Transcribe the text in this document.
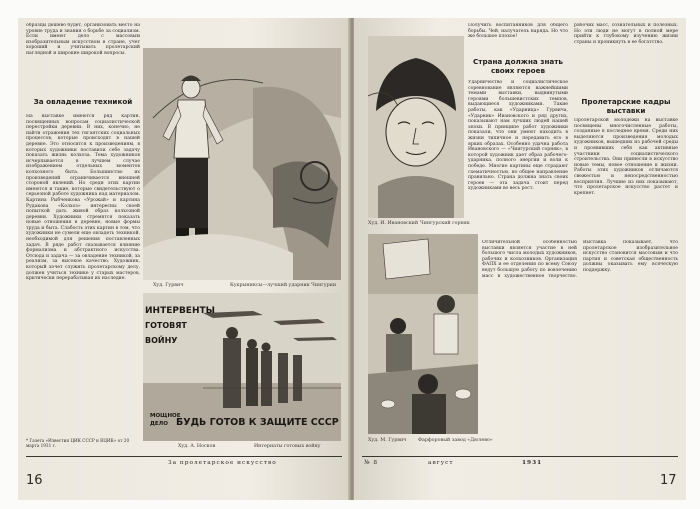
образцы дешево будет, организовать место на уровне труда и знания о борьбе за социализм. Если имеют дело с массовым изобразительным искусством в стране, учет хороший и учитывать пролетарский наглядной и широкие широкой вопросы.
За овладение техникой
На выставке имеются ряд картин, посвященных вопросам социалистической перестройки деревни. В них, конечно, не найти отражения тех гигантских социальных процессов, которые происходят в нашей деревне. Это относится к произведениям, в которых художники поставили себе задачу показать жизнь колхоза. Тема художников исчерпывается в лучшем случае изображением отдельных моментов колхозного быта. Большинство их произведений ограничивается внешней стороной явлений. Но среди этих картин имеются и такие, которые свидетельствуют о серьезной работе художника над материалом. Картина Рыбченкова «Урожай» и картина Рудакова «Колхоз» интересны своей попыткой дать живой образ колхозной деревни. Художники стремятся показать новые отношения в деревне, новые формы труда и быта. Слабость этих картин в том, что художники не сумели еще овладеть техникой, необходимой для решения поставленных задач. В ряде работ сказывается влияние формализма и абстрактного искусства. Отсюда и задача — за овладение техникой, за реализм, за высокое качество. Художник, который хочет служить пролетарскому делу, должен учиться технике у старых мастеров, критически перерабатывая их наследие.
Худ. Гурвич	Кукрыниксы—лучший ударник Чингурии
ИНТЕРВЕНТЫ
ГОТОВЯТ
ВОЙНУ
МОЩНОЕ
ДЕЛО БУДЬ ГОТОВ К ЗАЩИТЕ СССР
Худ. А. Носков	Интернаты готовых войну
* Газета «Известия ЦИК СССР и ВЦИК» от 20 марта 1931 г.
За пролетарское искусство
16
Худ. И. Ивановский Чингурский горняк
Худ. М. Гурвич Фарфоровый завод «Дюлево»
Получить воспитанников для общего борьбы. Чей, налучатель наряда. Но что же большое плохое!
Страна должна знать своих героев
Ударничество и социалистическое соревнование являются важнейшими темами выставки, выдвинутыми героями большевистских темпов, выдающиеся художниками. Такие работы, как «Ударница» Гурвича, «Ударник» Ивановского и ряд других, показывают нам лучших людей нашей эпохи. В принципе работ художники показали, что они умеют находить в жизни типичное и передавать его в ярких образах. Особенно удачна работа Ивановского — «Чингурский горняк», в которой художник дает образ рабочего-ударника, полного энергии и воли к победе. Многие картины еще страдают схематичностью, но общее направление правильно. Страна должна знать своих героев — эта задача стоит перед художниками во весь рост.
рабочих масс, сознательных и полезных. Но эти люди не могут в полной мере прийти к глубокому изучению жизни страны и проникнуть в ее богатство.
Пролетарские кадры выставки
Пролетарской молодежи на выставке посвящены многочисленные работы, созданные в последнее время. Среди них выделяются произведения молодых художников, вышедших из рабочей среды и проявивших себя как активные участники социалистического строительства. Они принесли в искусство новые темы, новое отношение к жизни. Работы этих художников отличаются свежестью и непосредственностью восприятия. Лучшие из них показывают, что пролетарское искусство растет и крепнет.
Отличительной особенностью выставки является участие в ней большого числа молодых художников, рабочих и колхозников. Организация ФАПХ и ее отделения по всему Союзу ведут большую работу по вовлечению масс в художественное творчество. Выставка показывает, что пролетарское изобразительное искусство становится массовым и что партия и советская общественность должны оказывать ему всяческую поддержку.
№ 8	август	1931
17
